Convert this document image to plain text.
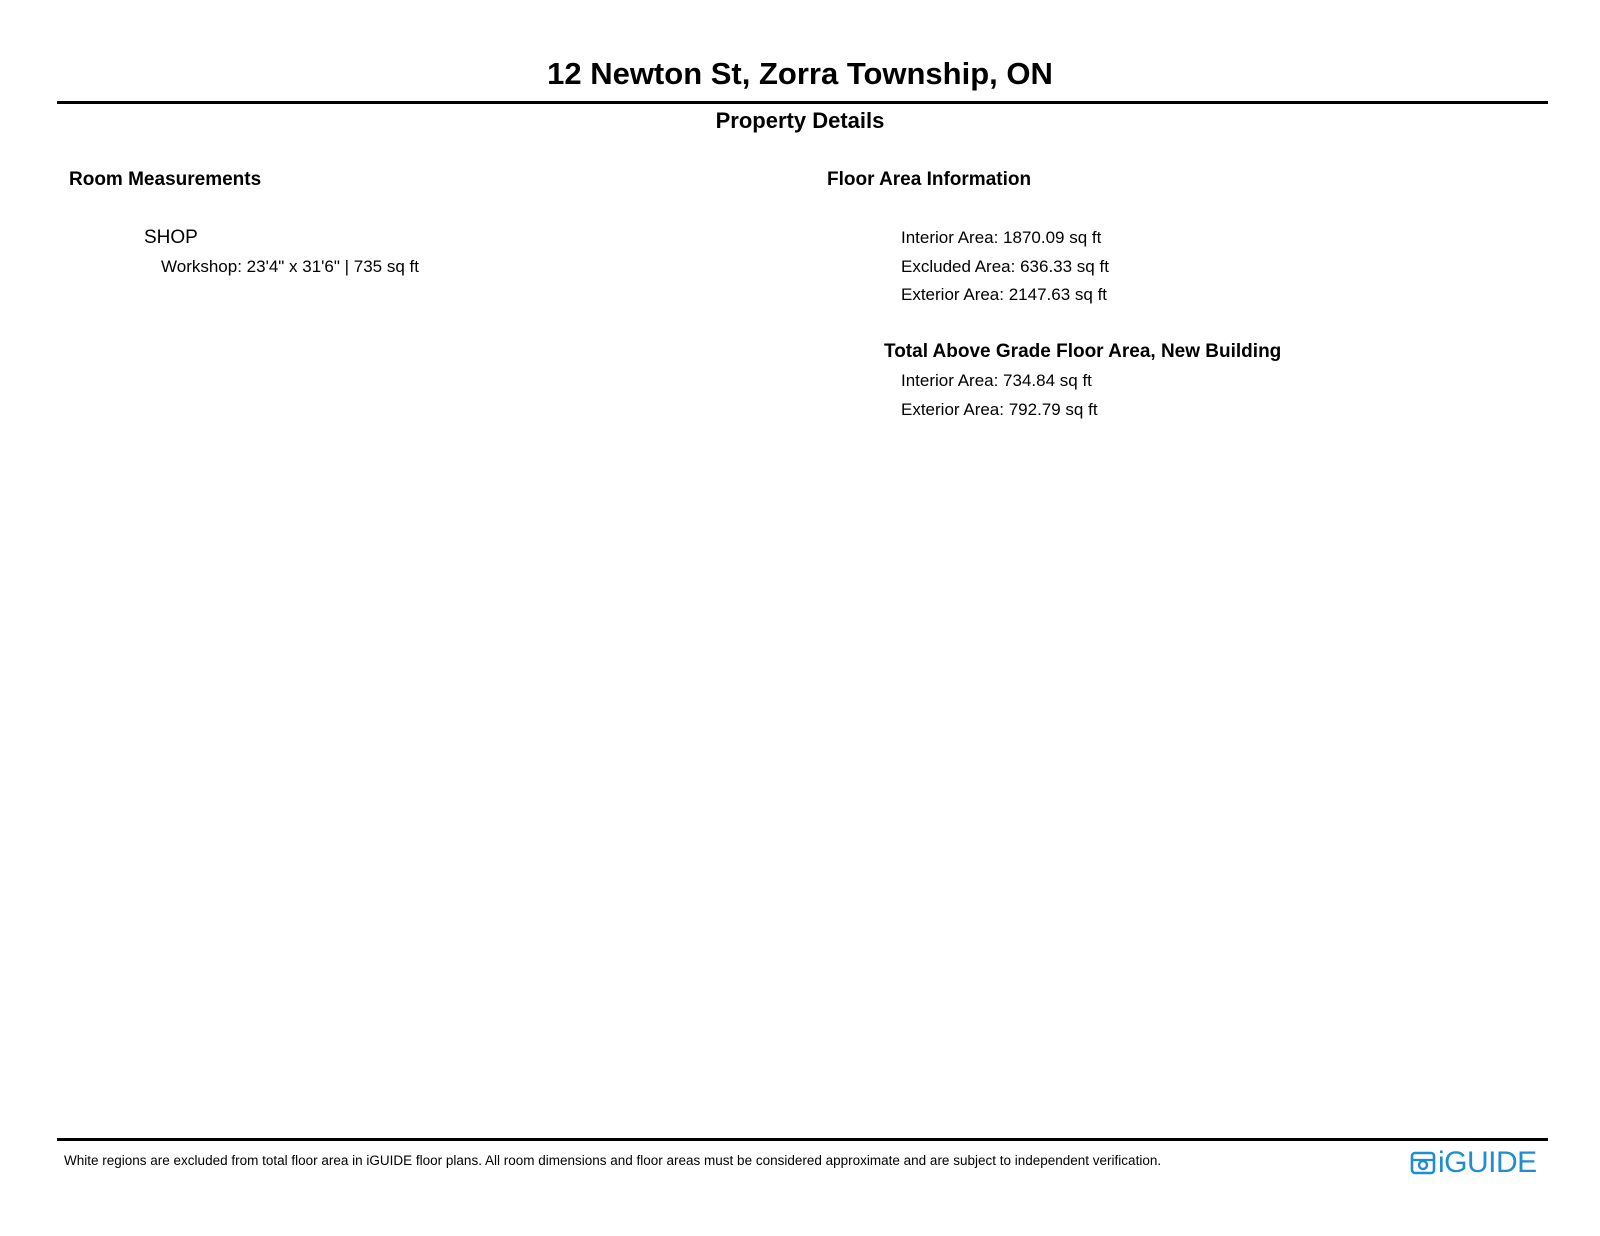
12 Newton St, Zorra Township, ON
Property Details
Room Measurements
SHOP
Workshop: 23'4" x 31'6" | 735 sq ft
Floor Area Information
Interior Area: 1870.09 sq ft
Excluded Area: 636.33 sq ft
Exterior Area: 2147.63 sq ft
Total Above Grade Floor Area, New Building
Interior Area: 734.84 sq ft
Exterior Area: 792.79 sq ft
White regions are excluded from total floor area in iGUIDE floor plans. All room dimensions and floor areas must be considered approximate and are subject to independent verification.	iGUIDE
